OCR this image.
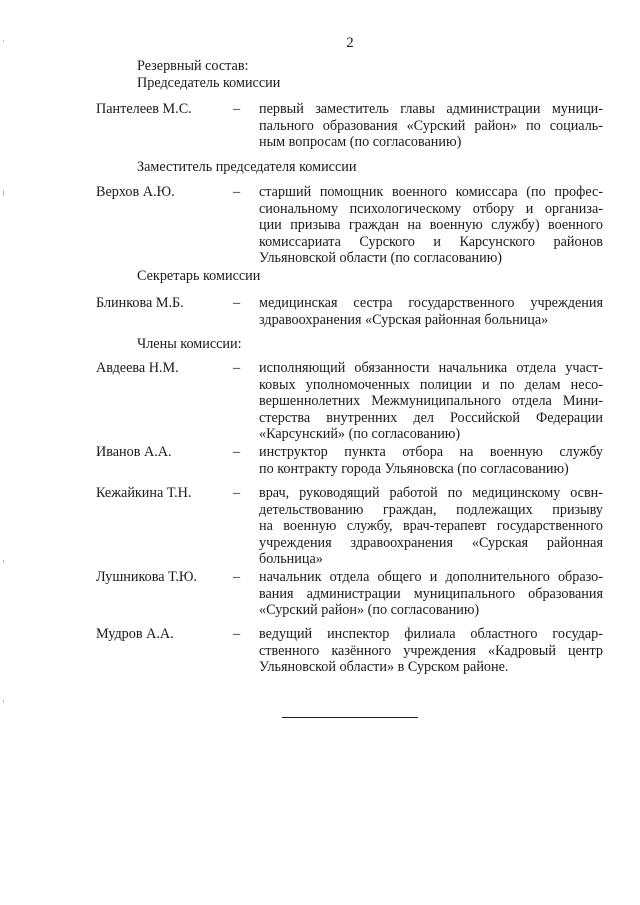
2
Резервный состав:
Председатель комиссии
Пантелеев М.С.	– первый заместитель главы администрации муници-
пального образования «Сурский район» по социаль-
ным вопросам (по согласованию)
Заместитель председателя комиссии
Верхов А.Ю.	– старший помощник военного комиссара (по профес-
сиональному психологическому отбору и организа-
ции призыва граждан на военную службу) военного
комиссариата Сурского и Карсунского районов
Ульяновской области (по согласованию)
Секретарь комиссии
Блинкова М.Б.	– медицинская сестра государственного учреждения
здравоохранения «Сурская районная больница»
Члены комиссии:
Авдеева Н.М.	– исполняющий обязанности начальника отдела участ-
ковых уполномоченных полиции и по делам несо-
вершеннолетних Межмуниципального отдела Мини-
стерства внутренних дел Российской Федерации
«Карсунский» (по согласованию)
Иванов А.А.	– инструктор пункта отбора на военную службу
по контракту города Ульяновска (по согласованию)
Кежайкина Т.Н.	– врач, руководящий работой по медицинскому освн-
детельствованию граждан, подлежащих призыву
на военную службу, врач-терапевт государственного
учреждения здравоохранения «Сурская районная
больница»
Лушникова Т.Ю.	– начальник отдела общего и дополнительного образо-
вания администрации муниципального образования
«Сурский район» (по согласованию)
Мудров А.А.	– ведущий инспектор филиала областного государ-
ственного казённого учреждения «Кадровый центр
Ульяновской области» в Сурском районе.
